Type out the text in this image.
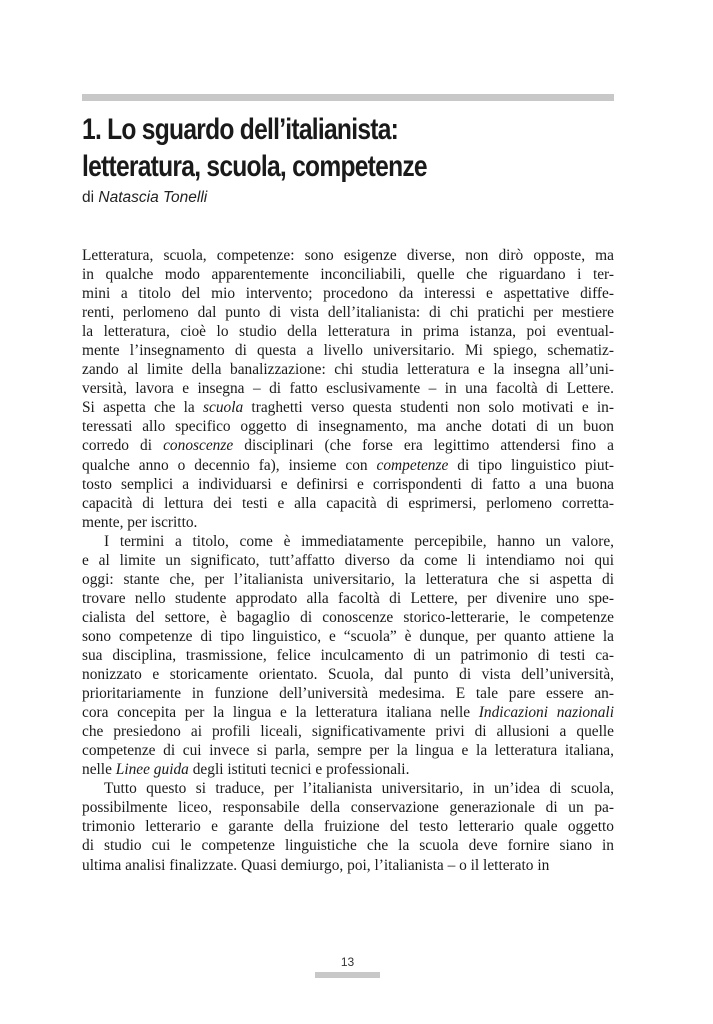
1. Lo sguardo dell’italianista:
letteratura, scuola, competenze
di Natascia Tonelli
Letteratura, scuola, competenze: sono esigenze diverse, non dirò opposte, ma
in qualche modo apparentemente inconciliabili, quelle che riguardano i ter-
mini a titolo del mio intervento; procedono da interessi e aspettative diffe-
renti, perlomeno dal punto di vista dell’italianista: di chi pratichi per mestiere
la letteratura, cioè lo studio della letteratura in prima istanza, poi eventual-
mente l’insegnamento di questa a livello universitario. Mi spiego, schematiz-
zando al limite della banalizzazione: chi studia letteratura e la insegna all’uni-
versità, lavora e insegna – di fatto esclusivamente – in una facoltà di Lettere.
Si aspetta che la scuola traghetti verso questa studenti non solo motivati e in-
teressati allo specifico oggetto di insegnamento, ma anche dotati di un buon
corredo di conoscenze disciplinari (che forse era legittimo attendersi fino a
qualche anno o decennio fa), insieme con competenze di tipo linguistico piut-
tosto semplici a individuarsi e definirsi e corrispondenti di fatto a una buona
capacità di lettura dei testi e alla capacità di esprimersi, perlomeno corretta-
mente, per iscritto.
I termini a titolo, come è immediatamente percepibile, hanno un valore,
e al limite un significato, tutt’affatto diverso da come li intendiamo noi qui
oggi: stante che, per l’italianista universitario, la letteratura che si aspetta di
trovare nello studente approdato alla facoltà di Lettere, per divenire uno spe-
cialista del settore, è bagaglio di conoscenze storico-letterarie, le competenze
sono competenze di tipo linguistico, e “scuola” è dunque, per quanto attiene la
sua disciplina, trasmissione, felice inculcamento di un patrimonio di testi ca-
nonizzato e storicamente orientato. Scuola, dal punto di vista dell’università,
prioritariamente in funzione dell’università medesima. E tale pare essere an-
cora concepita per la lingua e la letteratura italiana nelle Indicazioni nazionali
che presiedono ai profili liceali, significativamente privi di allusioni a quelle
competenze di cui invece si parla, sempre per la lingua e la letteratura italiana,
nelle Linee guida degli istituti tecnici e professionali.
Tutto questo si traduce, per l’italianista universitario, in un’idea di scuola,
possibilmente liceo, responsabile della conservazione generazionale di un pa-
trimonio letterario e garante della fruizione del testo letterario quale oggetto
di studio cui le competenze linguistiche che la scuola deve fornire siano in
ultima analisi finalizzate. Quasi demiurgo, poi, l’italianista – o il letterato in
13
